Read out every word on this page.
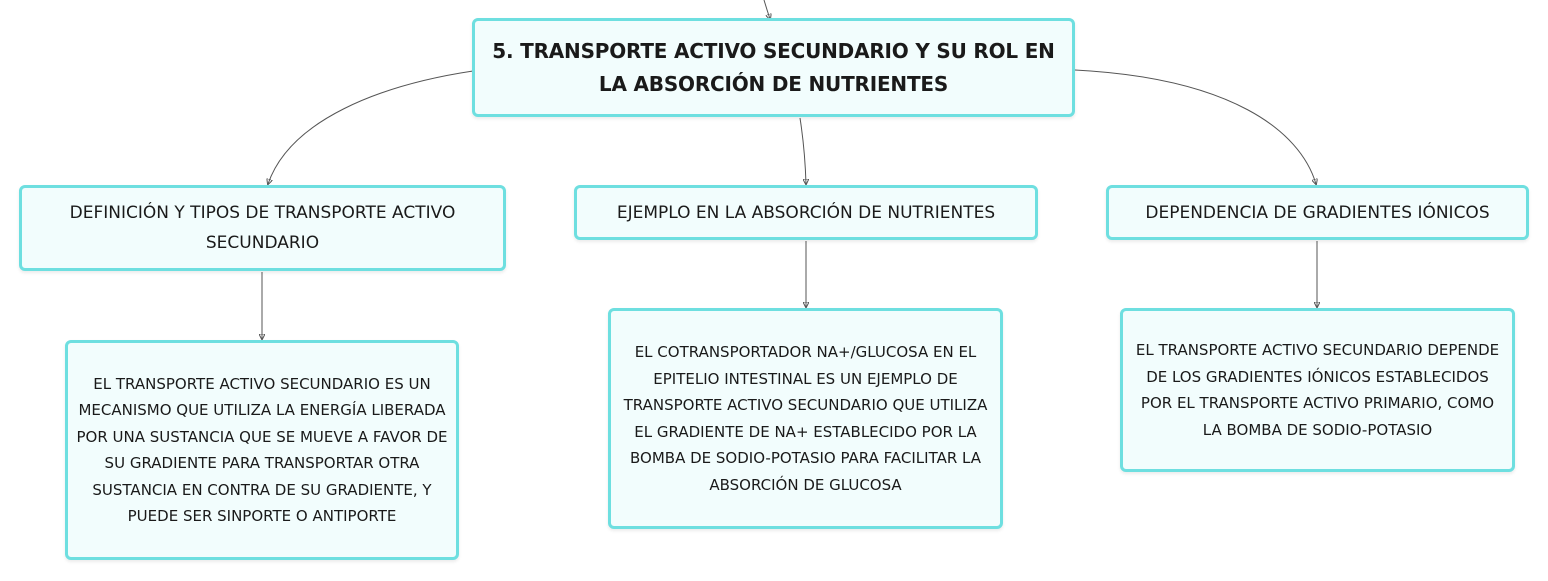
5. TRANSPORTE ACTIVO SECUNDARIO Y SU ROL EN LA ABSORCIÓN DE NUTRIENTES
DEFINICIÓN Y TIPOS DE TRANSPORTE ACTIVO SECUNDARIO
EJEMPLO EN LA ABSORCIÓN DE NUTRIENTES	DEPENDENCIA DE GRADIENTES IÓNICOS
EL TRANSPORTE ACTIVO SECUNDARIO ES UN MECANISMO QUE UTILIZA LA ENERGÍA LIBERADA POR UNA SUSTANCIA QUE SE MUEVE A FAVOR DE SU GRADIENTE PARA TRANSPORTAR OTRA SUSTANCIA EN CONTRA DE SU GRADIENTE, Y PUEDE SER SINPORTE O ANTIPORTE
EL COTRANSPORTADOR NA+/GLUCOSA EN EL EPITELIO INTESTINAL ES UN EJEMPLO DE TRANSPORTE ACTIVO SECUNDARIO QUE UTILIZA EL GRADIENTE DE NA+ ESTABLECIDO POR LA BOMBA DE SODIO-POTASIO PARA FACILITAR LA ABSORCIÓN DE GLUCOSA
EL TRANSPORTE ACTIVO SECUNDARIO DEPENDE DE LOS GRADIENTES IÓNICOS ESTABLECIDOS POR EL TRANSPORTE ACTIVO PRIMARIO, COMO LA BOMBA DE SODIO-POTASIO
